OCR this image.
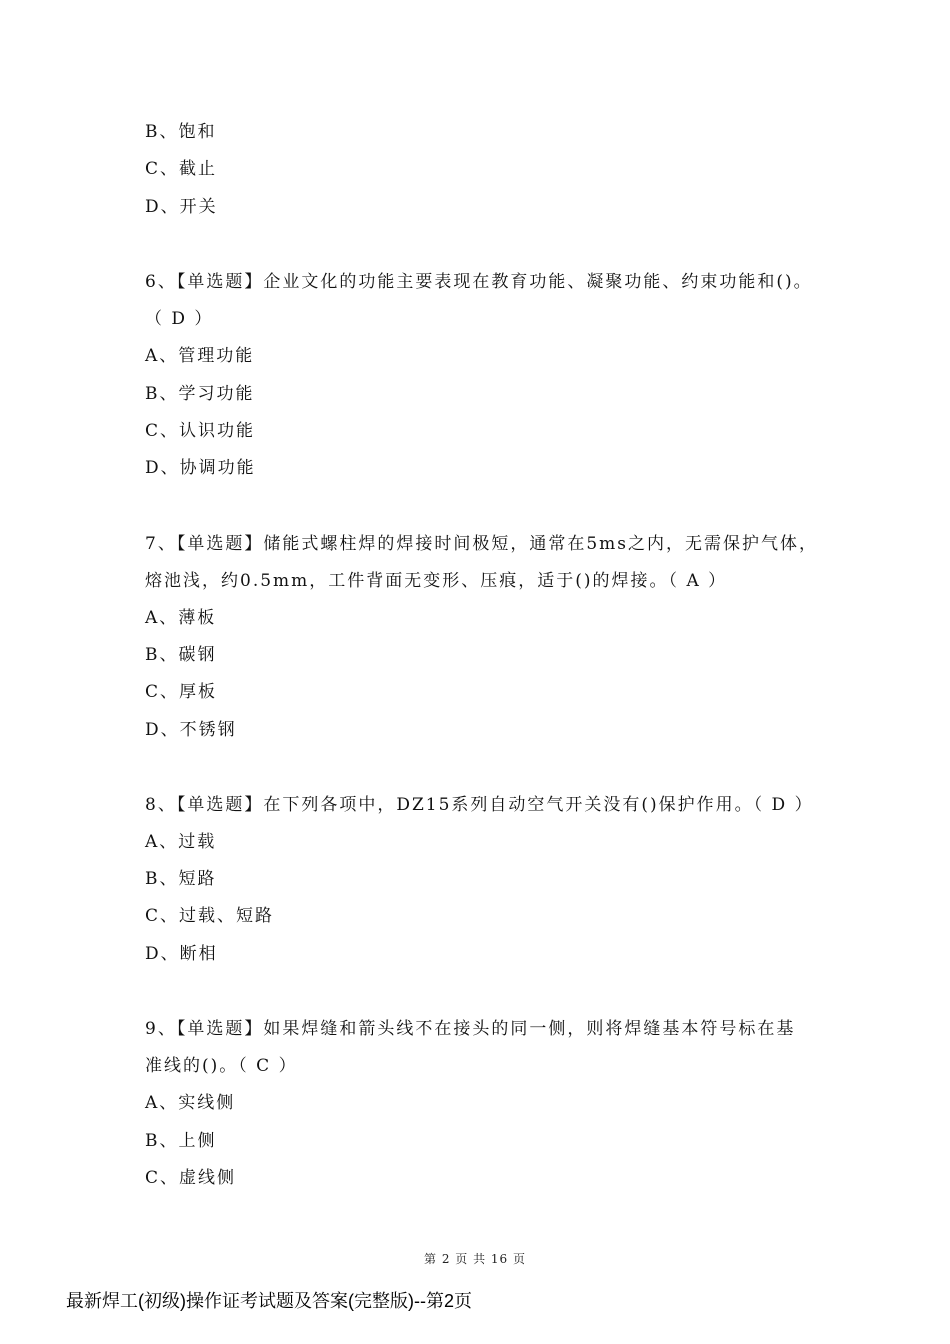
B、饱和
C、截止
D、开关
6、【单选题】企业文化的功能主要表现在教育功能、凝聚功能、约束功能和()。
（ D ）
A、管理功能
B、学习功能
C、认识功能
D、协调功能
7、【单选题】储能式螺柱焊的焊接时间极短，通常在5ms之内，无需保护气体，
熔池浅，约0.5mm，工件背面无变形、压痕，适于()的焊接。（ A ）
A、薄板
B、碳钢
C、厚板
D、不锈钢
8、【单选题】在下列各项中，DZ15系列自动空气开关没有()保护作用。（ D ）
A、过载
B、短路
C、过载、短路
D、断相
9、【单选题】如果焊缝和箭头线不在接头的同一侧，则将焊缝基本符号标在基
准线的()。（ C ）
A、实线侧
B、上侧
C、虚线侧
第 2 页 共 16 页
最新焊工(初级)操作证考试题及答案(完整版)--第2页
